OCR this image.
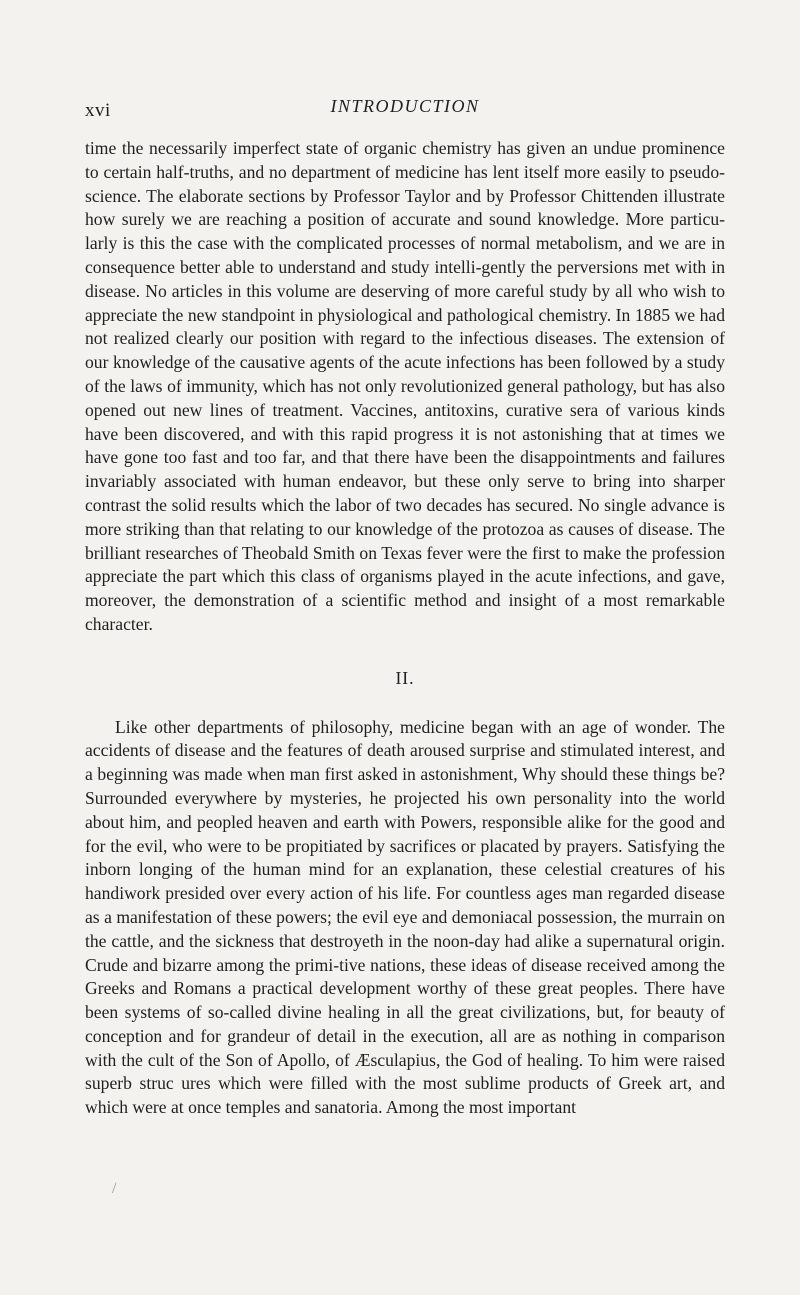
xvi	INTRODUCTION

time the necessarily imperfect state of organic chemistry has given an undue prominence to certain half-truths, and no department of medicine has lent itself more easily to pseudo-science. The elaborate sections by Professor Taylor and by Professor Chittenden illustrate how surely we are reaching a position of accurate and sound knowledge. More particu-larly is this the case with the complicated processes of normal metabolism, and we are in consequence better able to understand and study intelli-gently the perversions met with in disease. No articles in this volume are deserving of more careful study by all who wish to appreciate the new standpoint in physiological and pathological chemistry. In 1885 we had not realized clearly our position with regard to the infectious diseases. The extension of our knowledge of the causative agents of the acute infections has been followed by a study of the laws of immunity, which has not only revolutionized general pathology, but has also opened out new lines of treatment. Vaccines, antitoxins, curative sera of various kinds have been discovered, and with this rapid progress it is not astonishing that at times we have gone too fast and too far, and that there have been the disappointments and failures invariably associated with human endeavor, but these only serve to bring into sharper contrast the solid results which the labor of two decades has secured. No single advance is more striking than that relating to our knowledge of the protozoa as causes of disease. The brilliant researches of Theobald Smith on Texas fever were the first to make the profession appreciate the part which this class of organisms played in the acute infections, and gave, moreover, the demonstration of a scientific method and insight of a most remarkable character.

II.

Like other departments of philosophy, medicine began with an age of wonder. The accidents of disease and the features of death aroused surprise and stimulated interest, and a beginning was made when man first asked in astonishment, Why should these things be? Surrounded everywhere by mysteries, he projected his own personality into the world about him, and peopled heaven and earth with Powers, responsible alike for the good and for the evil, who were to be propitiated by sacrifices or placated by prayers. Satisfying the inborn longing of the human mind for an explanation, these celestial creatures of his handiwork presided over every action of his life. For countless ages man regarded disease as a manifestation of these powers; the evil eye and demoniacal possession, the murrain on the cattle, and the sickness that destroyeth in the noon-day had alike a supernatural origin. Crude and bizarre among the primi-tive nations, these ideas of disease received among the Greeks and Romans a practical development worthy of these great peoples. There have been systems of so-called divine healing in all the great civilizations, but, for beauty of conception and for grandeur of detail in the execution, all are as nothing in comparison with the cult of the Son of Apollo, of Æsculapius, the God of healing. To him were raised superb struc ures which were filled with the most sublime products of Greek art, and which were at once temples and sanatoria. Among the most important

/
